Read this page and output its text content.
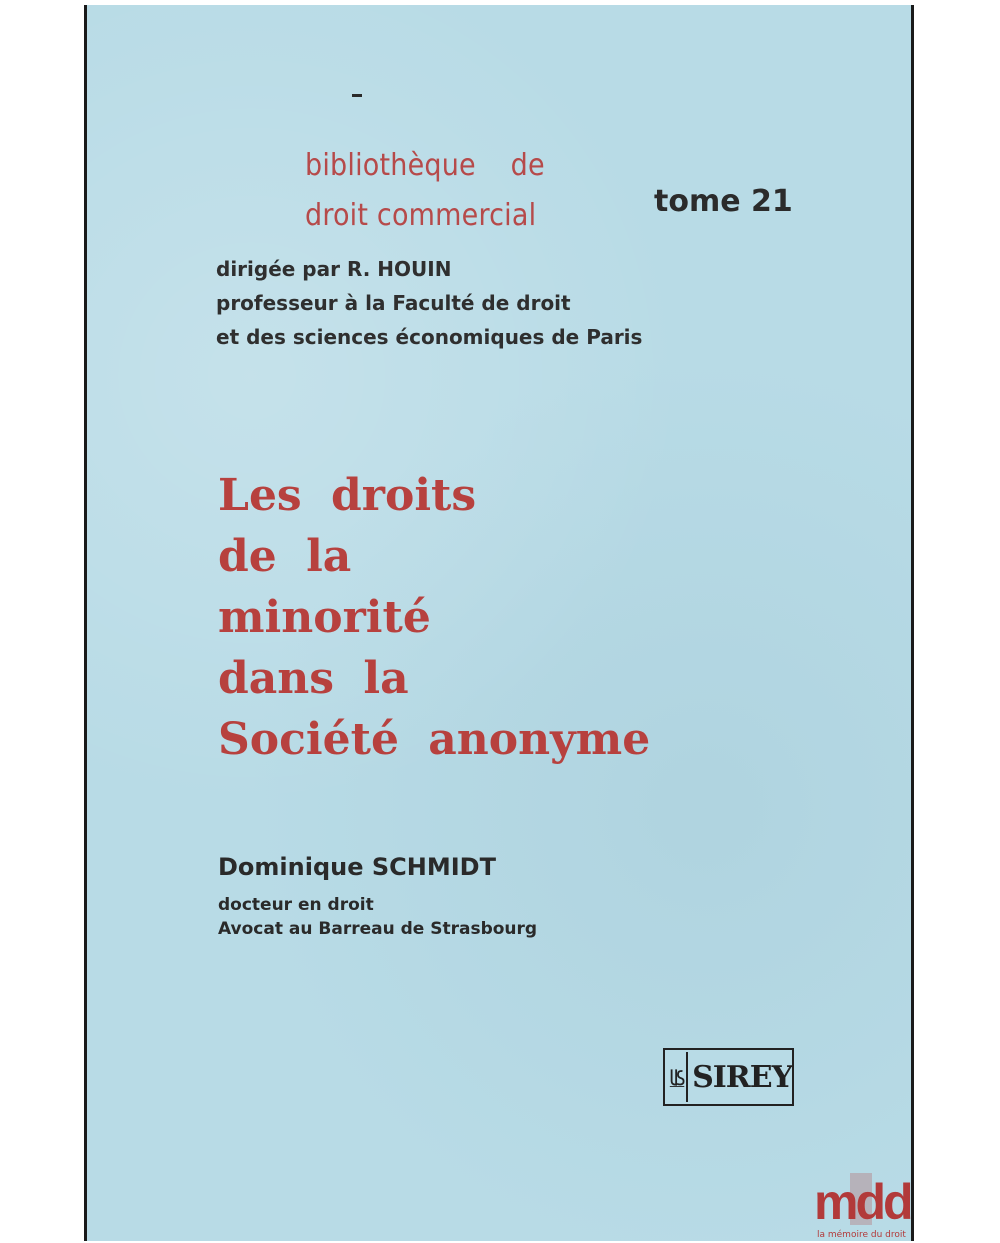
bibliothèque de
droit commercial	tome 21
dirigée par R. HOUIN
professeur à la Faculté de droit
et des sciences économiques de Paris
Les droits
de la
minorité
dans la
Société anonyme
Dominique SCHMIDT
docteur en droit
Avocat au Barreau de Strasbourg
SIREY
mdd
la mémoire du droit
